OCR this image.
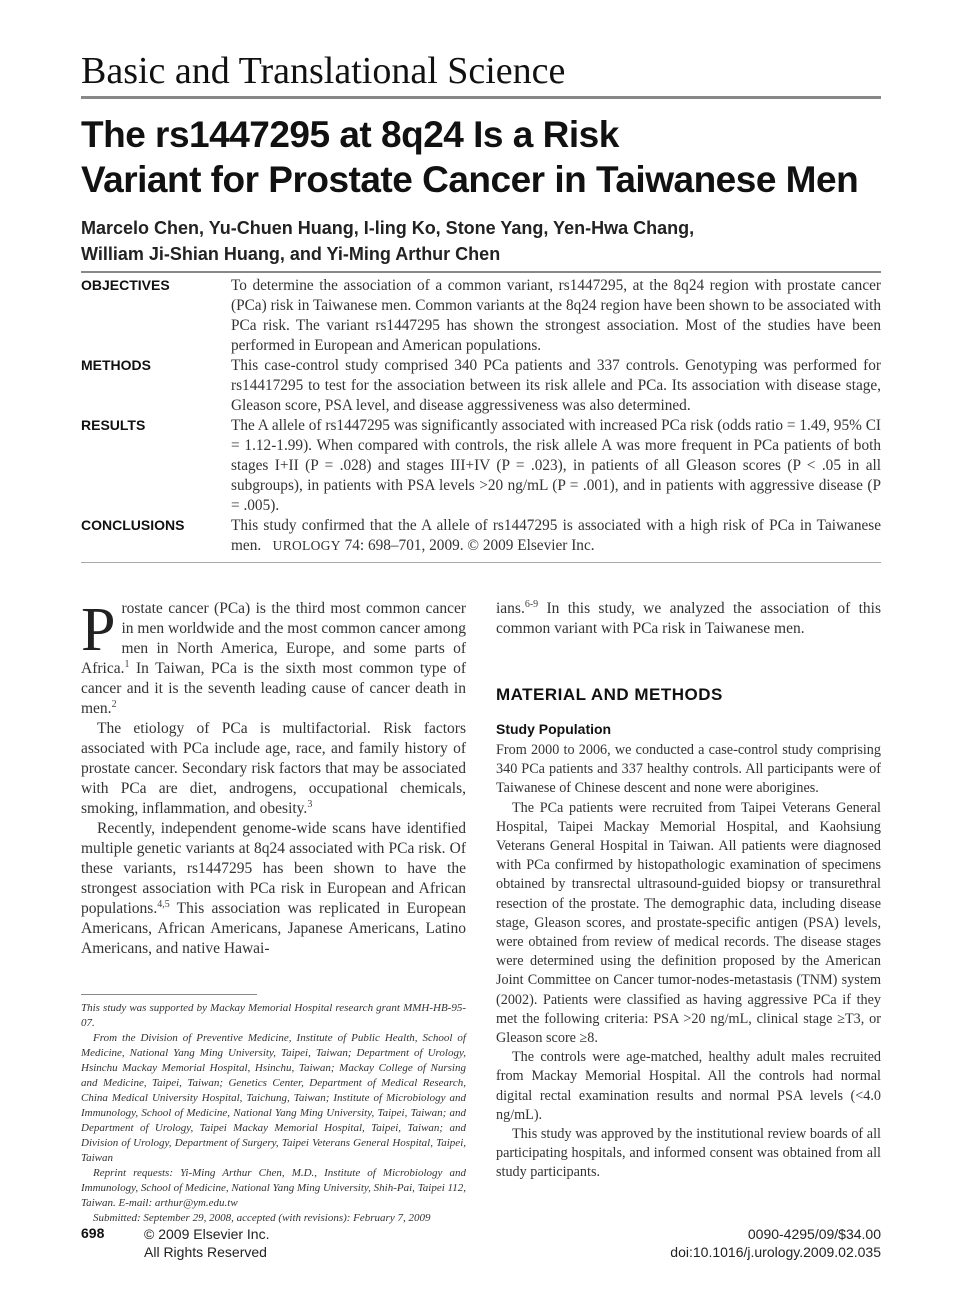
Basic and Translational Science
The rs1447295 at 8q24 Is a Risk
Variant for Prostate Cancer in Taiwanese Men
Marcelo Chen, Yu-Chuen Huang, I-ling Ko, Stone Yang, Yen-Hwa Chang,
William Ji-Shian Huang, and Yi-Ming Arthur Chen
OBJECTIVES	To determine the association of a common variant, rs1447295, at the 8q24 region with prostate cancer (PCa) risk in Taiwanese men. Common variants at the 8q24 region have been shown to be associated with PCa risk. The variant rs1447295 has shown the strongest association. Most of the studies have been performed in European and American populations.
METHODS	This case-control study comprised 340 PCa patients and 337 controls. Genotyping was performed for rs14417295 to test for the association between its risk allele and PCa. Its association with disease stage, Gleason score, PSA level, and disease aggressiveness was also determined.
RESULTS	The A allele of rs1447295 was significantly associated with increased PCa risk (odds ratio = 1.49, 95% CI = 1.12-1.99). When compared with controls, the risk allele A was more frequent in PCa patients of both stages I+II (P = .028) and stages III+IV (P = .023), in patients of all Gleason scores (P < .05 in all subgroups), in patients with PSA levels >20 ng/mL (P = .001), and in patients with aggressive disease (P = .005).
CONCLUSIONS	This study confirmed that the A allele of rs1447295 is associated with a high risk of PCa in Taiwanese men. UROLOGY 74: 698–701, 2009. © 2009 Elsevier Inc.

Prostate cancer (PCa) is the third most common cancer in men worldwide and the most common cancer among men in North America, Europe, and some parts of Africa.$^1$ In Taiwan, PCa is the sixth most common type of cancer and it is the seventh leading cause of cancer death in men.$^2$

The etiology of PCa is multifactorial. Risk factors associated with PCa include age, race, and family history of prostate cancer. Secondary risk factors that may be associated with PCa are diet, androgens, occupational chemicals, smoking, inflammation, and obesity.$^3$

Recently, independent genome-wide scans have identified multiple genetic variants at 8q24 associated with PCa risk. Of these variants, rs1447295 has been shown to have the strongest association with PCa risk in European and African populations.$^{4,5}$ This association was replicated in European Americans, African Americans, Japanese Americans, Latino Americans, and native Hawai-

This study was supported by Mackay Memorial Hospital research grant MMH-HB-95-07.

From the Division of Preventive Medicine, Institute of Public Health, School of Medicine, National Yang Ming University, Taipei, Taiwan; Department of Urology, Hsinchu Mackay Memorial Hospital, Hsinchu, Taiwan; Mackay College of Nursing and Medicine, Taipei, Taiwan; Genetics Center, Department of Medical Research, China Medical University Hospital, Taichung, Taiwan; Institute of Microbiology and Immunology, School of Medicine, National Yang Ming University, Taipei, Taiwan; and Department of Urology, Taipei Mackay Memorial Hospital, Taipei, Taiwan; and Division of Urology, Department of Surgery, Taipei Veterans General Hospital, Taipei, Taiwan

Reprint requests: Yi-Ming Arthur Chen, M.D., Institute of Microbiology and Immunology, School of Medicine, National Yang Ming University, Shih-Pai, Taipei 112, Taiwan. E-mail: arthur@ym.edu.tw

Submitted: September 29, 2008, accepted (with revisions): February 7, 2009

ians.$^{6-9}$ In this study, we analyzed the association of this common variant with PCa risk in Taiwanese men.

MATERIAL AND METHODS
Study Population

From 2000 to 2006, we conducted a case-control study comprising 340 PCa patients and 337 healthy controls. All participants were of Taiwanese of Chinese descent and none were aborigines.

The PCa patients were recruited from Taipei Veterans General Hospital, Taipei Mackay Memorial Hospital, and Kaohsiung Veterans General Hospital in Taiwan. All patients were diagnosed with PCa confirmed by histopathologic examination of specimens obtained by transrectal ultrasound-guided biopsy or transurethral resection of the prostate. The demographic data, including disease stage, Gleason scores, and prostate-specific antigen (PSA) levels, were obtained from review of medical records. The disease stages were determined using the definition proposed by the American Joint Committee on Cancer tumor-nodes-metastasis (TNM) system (2002). Patients were classified as having aggressive PCa if they met the following criteria: PSA >20 ng/mL, clinical stage ≥T3, or Gleason score ≥8.

The controls were age-matched, healthy adult males recruited from Mackay Memorial Hospital. All the controls had normal digital rectal examination results and normal PSA levels (<4.0 ng/mL).

This study was approved by the institutional review boards of all participating hospitals, and informed consent was obtained from all study participants.

698	© 2009 Elsevier Inc.
All Rights Reserved
0090-4295/09/$34.00
doi:10.1016/j.urology.2009.02.035
